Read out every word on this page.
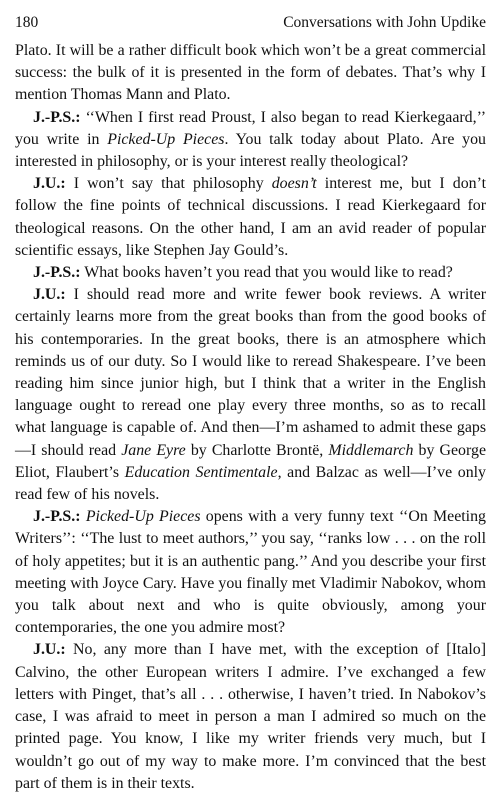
180	Conversations with John Updike

Plato. It will be a rather difficult book which won’t be a great commercial success: the bulk of it is presented in the form of debates. That’s why I mention Thomas Mann and Plato.

J.-P.S.: ‘‘When I first read Proust, I also began to read Kierkegaard,’’ you write in Picked-Up Pieces. You talk today about Plato. Are you interested in philosophy, or is your interest really theological?

J.U.: I won’t say that philosophy doesn’t interest me, but I don’t follow the fine points of technical discussions. I read Kierkegaard for theological reasons. On the other hand, I am an avid reader of popular scientific essays, like Stephen Jay Gould’s.

J.-P.S.: What books haven’t you read that you would like to read?

J.U.: I should read more and write fewer book reviews. A writer certainly learns more from the great books than from the good books of his contemporaries. In the great books, there is an atmosphere which reminds us of our duty. So I would like to reread Shakespeare. I’ve been reading him since junior high, but I think that a writer in the English language ought to reread one play every three months, so as to recall what language is capable of. And then—I’m ashamed to admit these gaps—I should read Jane Eyre by Charlotte Brontë, Middlemarch by George Eliot, Flaubert’s Education Sentimentale, and Balzac as well—I’ve only read few of his novels.

J.-P.S.: Picked-Up Pieces opens with a very funny text ‘‘On Meeting Writers’’: ‘‘The lust to meet authors,’’ you say, ‘‘ranks low . . . on the roll of holy appetites; but it is an authentic pang.’’ And you describe your first meeting with Joyce Cary. Have you finally met Vladimir Nabokov, whom you talk about next and who is quite obviously, among your contemporaries, the one you admire most?

J.U.: No, any more than I have met, with the exception of [Italo] Calvino, the other European writers I admire. I’ve exchanged a few letters with Pinget, that’s all . . . otherwise, I haven’t tried. In Nabokov’s case, I was afraid to meet in person a man I admired so much on the printed page. You know, I like my writer friends very much, but I wouldn’t go out of my way to make more. I’m convinced that the best part of them is in their texts.
